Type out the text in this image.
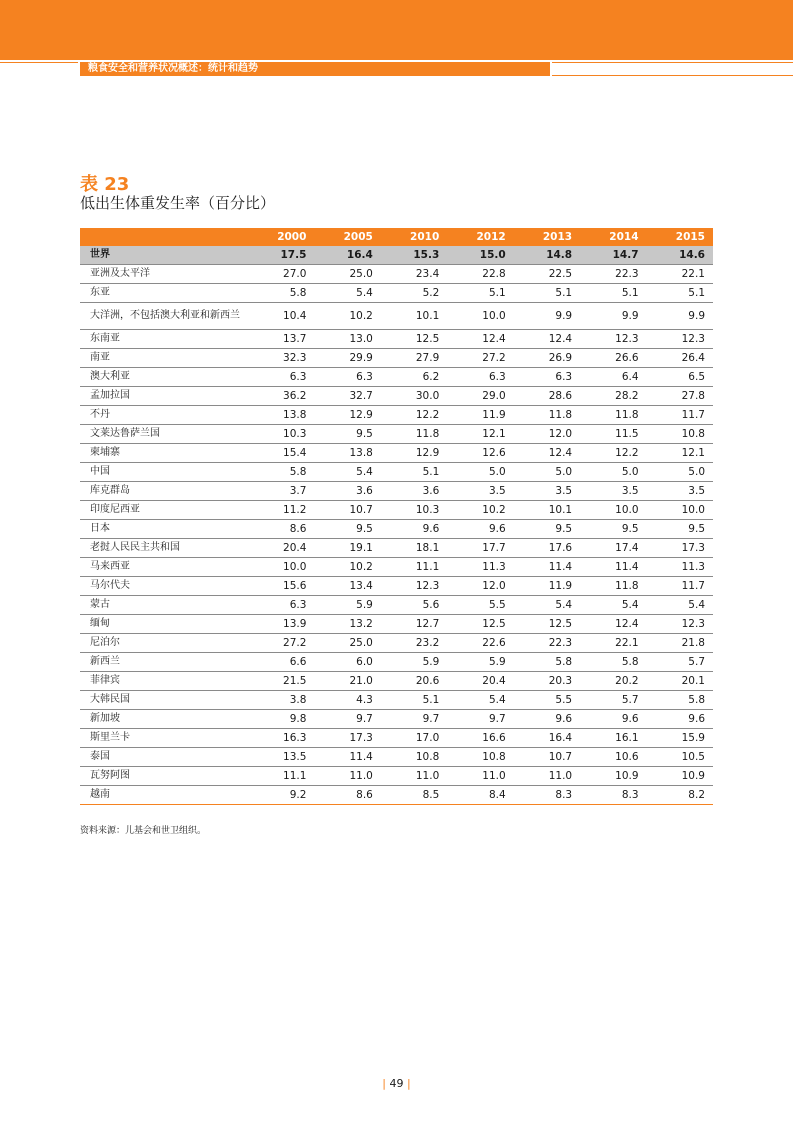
粮食安全和营养状况概述：统计和趋势
表 23
低出生体重发生率（百分比）
	2000	2005	2010	2012	2013	2014	2015
世界	17.5	16.4	15.3	15.0	14.8	14.7	14.6
亚洲及太平洋	27.0	25.0	23.4	22.8	22.5	22.3	22.1
东亚	5.8	5.4	5.2	5.1	5.1	5.1	5.1
大洋洲，不包括澳大利亚和新西兰	10.4	10.2	10.1	10.0	9.9	9.9	9.9
东南亚	13.7	13.0	12.5	12.4	12.4	12.3	12.3
南亚	32.3	29.9	27.9	27.2	26.9	26.6	26.4
澳大利亚	6.3	6.3	6.2	6.3	6.3	6.4	6.5
孟加拉国	36.2	32.7	30.0	29.0	28.6	28.2	27.8
不丹	13.8	12.9	12.2	11.9	11.8	11.8	11.7
文莱达鲁萨兰国	10.3	9.5	11.8	12.1	12.0	11.5	10.8
柬埔寨	15.4	13.8	12.9	12.6	12.4	12.2	12.1
中国	5.8	5.4	5.1	5.0	5.0	5.0	5.0
库克群岛	3.7	3.6	3.6	3.5	3.5	3.5	3.5
印度尼西亚	11.2	10.7	10.3	10.2	10.1	10.0	10.0
日本	8.6	9.5	9.6	9.6	9.5	9.5	9.5
老挝人民民主共和国	20.4	19.1	18.1	17.7	17.6	17.4	17.3
马来西亚	10.0	10.2	11.1	11.3	11.4	11.4	11.3
马尔代夫	15.6	13.4	12.3	12.0	11.9	11.8	11.7
蒙古	6.3	5.9	5.6	5.5	5.4	5.4	5.4
缅甸	13.9	13.2	12.7	12.5	12.5	12.4	12.3
尼泊尔	27.2	25.0	23.2	22.6	22.3	22.1	21.8
新西兰	6.6	6.0	5.9	5.9	5.8	5.8	5.7
菲律宾	21.5	21.0	20.6	20.4	20.3	20.2	20.1
大韩民国	3.8	4.3	5.1	5.4	5.5	5.7	5.8
新加坡	9.8	9.7	9.7	9.7	9.6	9.6	9.6
斯里兰卡	16.3	17.3	17.0	16.6	16.4	16.1	15.9
泰国	13.5	11.4	10.8	10.8	10.7	10.6	10.5
瓦努阿图	11.1	11.0	11.0	11.0	11.0	10.9	10.9
越南	9.2	8.6	8.5	8.4	8.3	8.3	8.2
资料来源：儿基会和世卫组织。
| 49 |
